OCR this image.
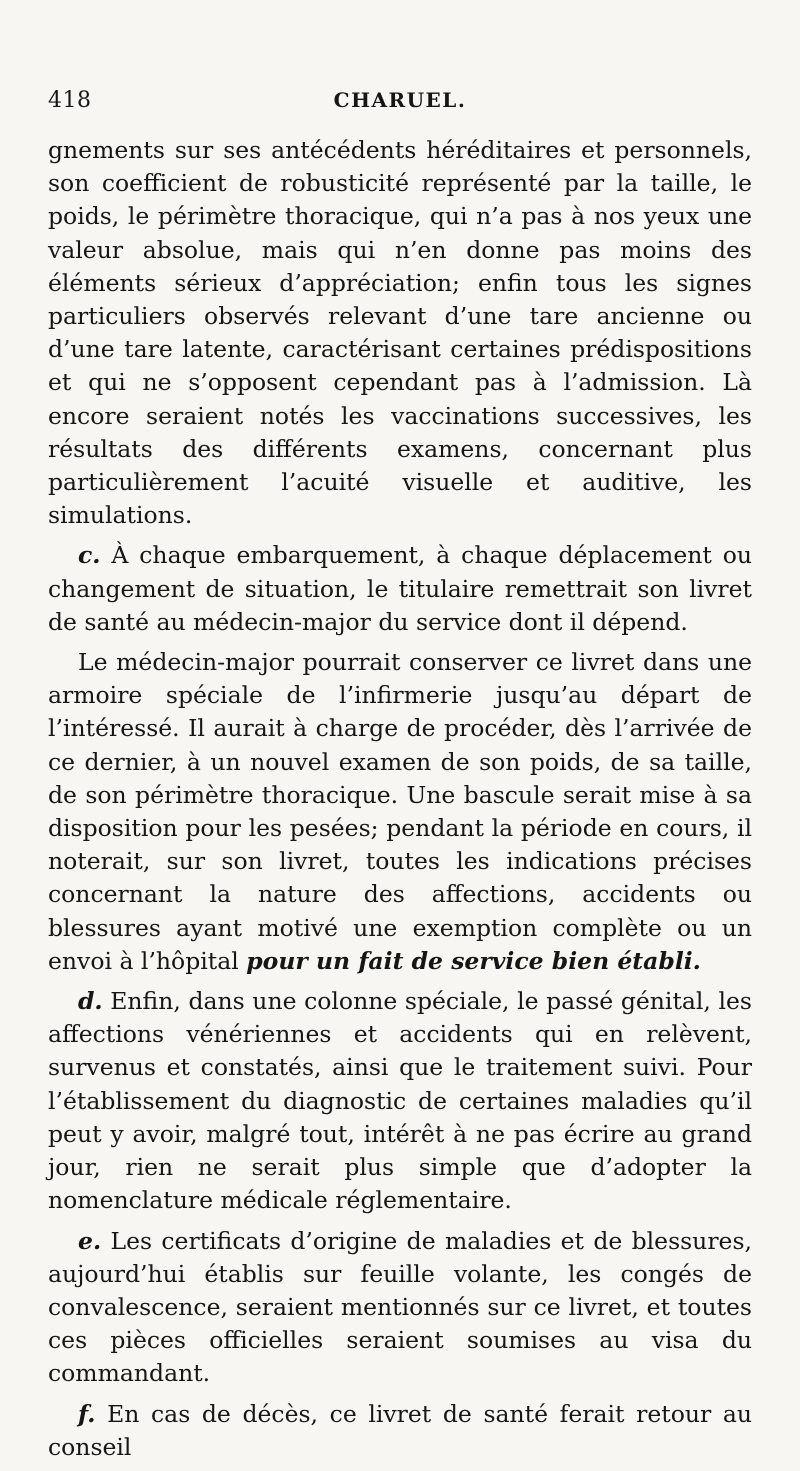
418	CHARUEL.

gnements sur ses antécédents héréditaires et personnels, son coefficient de robusticité représenté par la taille, le poids, le périmètre thoracique, qui n’a pas à nos yeux une valeur absolue, mais qui n’en donne pas moins des éléments sérieux d’appréciation; enfin tous les signes particuliers observés relevant d’une tare ancienne ou d’une tare latente, caractérisant certaines prédispositions et qui ne s’opposent cependant pas à l’admission. Là encore seraient notés les vaccinations successives, les résultats des différents examens, concernant plus particulièrement l’acuité visuelle et auditive, les simulations.

c. À chaque embarquement, à chaque déplacement ou changement de situation, le titulaire remettrait son livret de santé au médecin-major du service dont il dépend.

Le médecin-major pourrait conserver ce livret dans une armoire spéciale de l’infirmerie jusqu’au départ de l’intéressé. Il aurait à charge de procéder, dès l’arrivée de ce dernier, à un nouvel examen de son poids, de sa taille, de son périmètre thoracique. Une bascule serait mise à sa disposition pour les pesées; pendant la période en cours, il noterait, sur son livret, toutes les indications précises concernant la nature des affections, accidents ou blessures ayant motivé une exemption complète ou un envoi à l’hôpital pour un fait de service bien établi.

d. Enfin, dans une colonne spéciale, le passé génital, les affections vénériennes et accidents qui en relèvent, survenus et constatés, ainsi que le traitement suivi. Pour l’établissement du diagnostic de certaines maladies qu’il peut y avoir, malgré tout, intérêt à ne pas écrire au grand jour, rien ne serait plus simple que d’adopter la nomenclature médicale réglementaire.

e. Les certificats d’origine de maladies et de blessures, aujourd’hui établis sur feuille volante, les congés de convalescence, seraient mentionnés sur ce livret, et toutes ces pièces officielles seraient soumises au visa du commandant.

f. En cas de décès, ce livret de santé ferait retour au conseil
